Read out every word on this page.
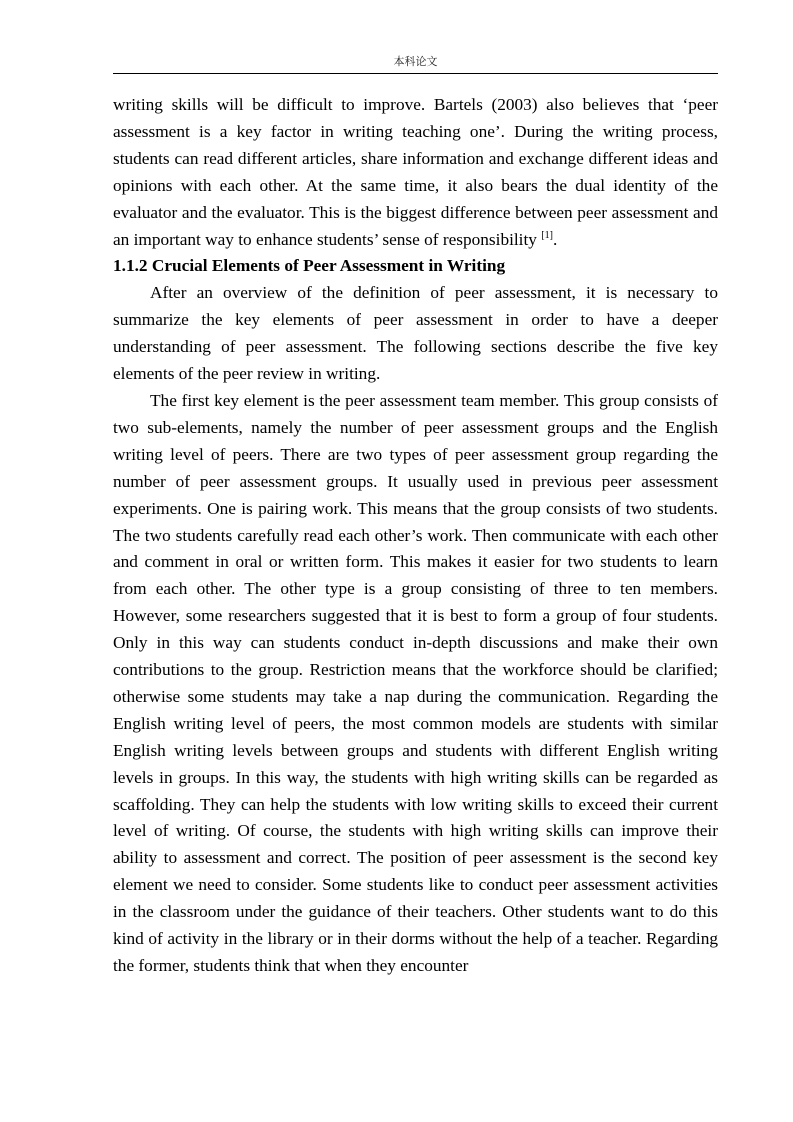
本科论文

writing skills will be difficult to improve. Bartels (2003) also believes that ‘peer assessment is a key factor in writing teaching one’. During the writing process, students can read different articles, share information and exchange different ideas and opinions with each other. At the same time, it also bears the dual identity of the evaluator and the evaluator. This is the biggest difference between peer assessment and an important way to enhance students’ sense of responsibility [1].

1.1.2 Crucial Elements of Peer Assessment in Writing

After an overview of the definition of peer assessment, it is necessary to summarize the key elements of peer assessment in order to have a deeper understanding of peer assessment. The following sections describe the five key elements of the peer review in writing.

The first key element is the peer assessment team member. This group consists of two sub-elements, namely the number of peer assessment groups and the English writing level of peers. There are two types of peer assessment group regarding the number of peer assessment groups. It usually used in previous peer assessment experiments. One is pairing work. This means that the group consists of two students. The two students carefully read each other’s work. Then communicate with each other and comment in oral or written form. This makes it easier for two students to learn from each other. The other type is a group consisting of three to ten members. However, some researchers suggested that it is best to form a group of four students. Only in this way can students conduct in-depth discussions and make their own contributions to the group. Restriction means that the workforce should be clarified; otherwise some students may take a nap during the communication. Regarding the English writing level of peers, the most common models are students with similar English writing levels between groups and students with different English writing levels in groups. In this way, the students with high writing skills can be regarded as scaffolding. They can help the students with low writing skills to exceed their current level of writing. Of course, the students with high writing skills can improve their ability to assessment and correct. The position of peer assessment is the second key element we need to consider. Some students like to conduct peer assessment activities in the classroom under the guidance of their teachers. Other students want to do this kind of activity in the library or in their dorms without the help of a teacher. Regarding the former, students think that when they encounter
